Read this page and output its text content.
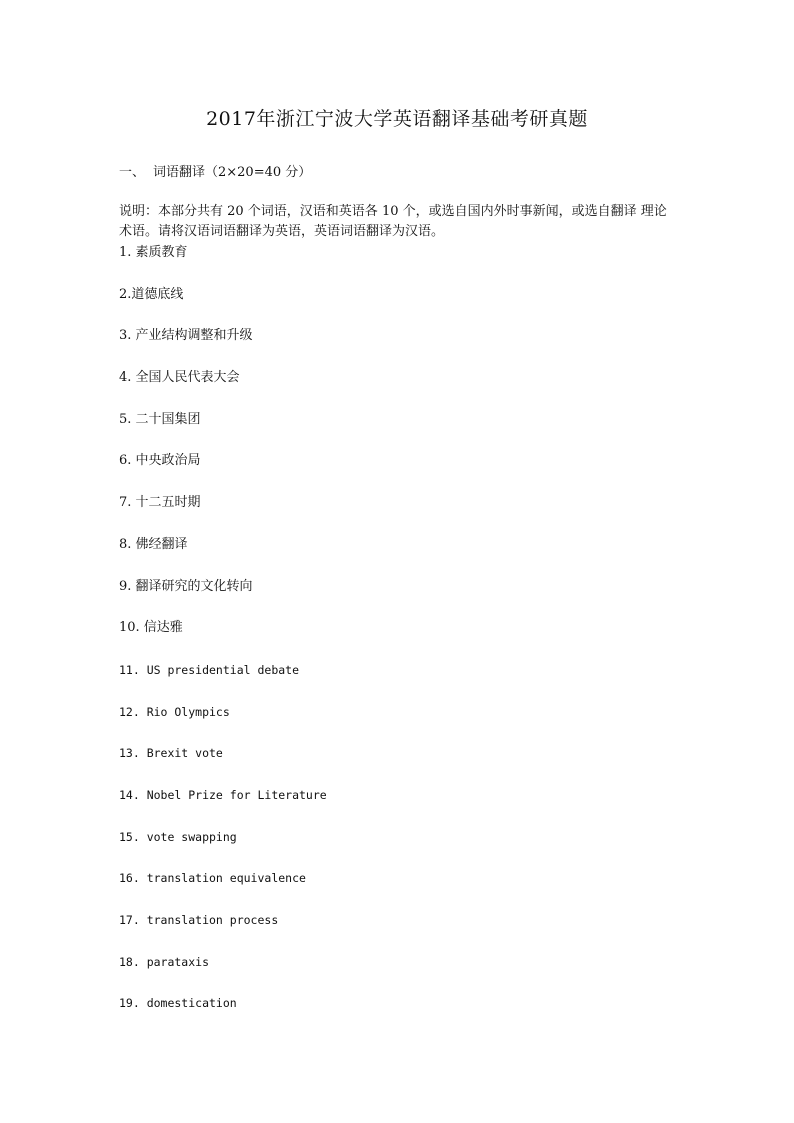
2017年浙江宁波大学英语翻译基础考研真题
一、 词语翻译（2×20=40 分）
说明：本部分共有 20 个词语，汉语和英语各 10 个，或选自国内外时事新闻，或选自翻译 理论术语。请将汉语词语翻译为英语，英语词语翻译为汉语。
1. 素质教育
2.道德底线
3. 产业结构调整和升级
4. 全国人民代表大会
5. 二十国集团
6. 中央政治局
7. 十二五时期
8. 佛经翻译
9. 翻译研究的文化转向
10. 信达雅
11. US presidential debate
12. Rio Olympics
13. Brexit vote
14. Nobel Prize for Literature
15. vote swapping
16. translation equivalence
17. translation process
18. parataxis
19. domestication
